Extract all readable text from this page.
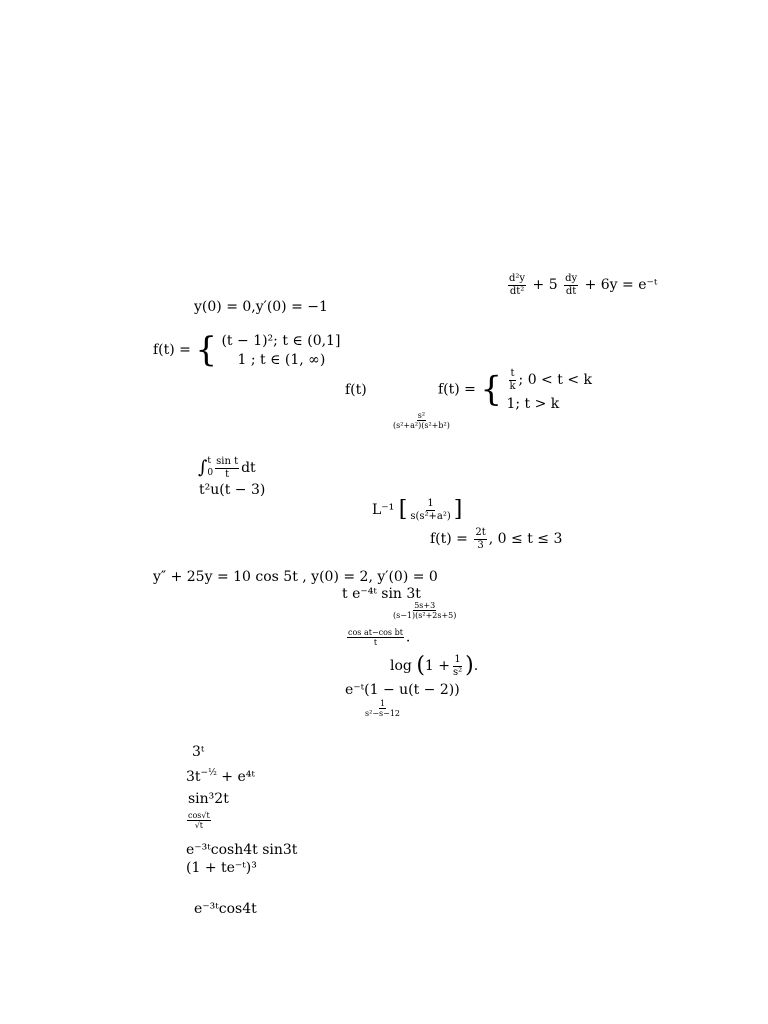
$\frac{\text{d²y}}{\text{dt²}} + 5 \frac{dy}{dt} + 6y$ = e⁻ᵗ
y(0) = 0,y′(0) = −1
f(t) = { (t − 1)²; t ∈ (0,1]
1 ; t ∈ (1, ∞)
f(t)	f(t) = { $\frac{t}{k}$ ; 0 < t < k
1; t > k
$\frac{\text{s²}}{\text{(s²+a²)(s²+b²)}}$
∫ t
$0 \frac{\text{sin t}}{t}$ dt
t²u(t − 3)
L⁻¹ [ $\frac{1}{\text{s(s²+a²)}}$ ]
$f(t) = \frac{2t}{3}$ , 0 ≤ t ≤ 3
y″ + 25y = 10 cos 5t , y(0) = 2, y′(0) = 0
t e⁻⁴ᵗ sin 3t
$\frac{5s+3}{\text{(s−1)(s²+2s+5)}}$
$\frac{\text{cos at−cos bt}}{t}$ .
$\log (1 + \frac{1}{\text{s²}}$ ).
e⁻ᵗ(1 − u(t − 2))
$\frac{1}{\text{s²−s−12}}$
3ᵗ
$3t^{-\frac{1}{2}}$ + e⁴ᵗ
sin³2t
$\frac{\cos√t}{√t}$
e⁻³ᵗcosh4t sin3t
(1 + te⁻ᵗ)³
e⁻³ᵗcos4t
